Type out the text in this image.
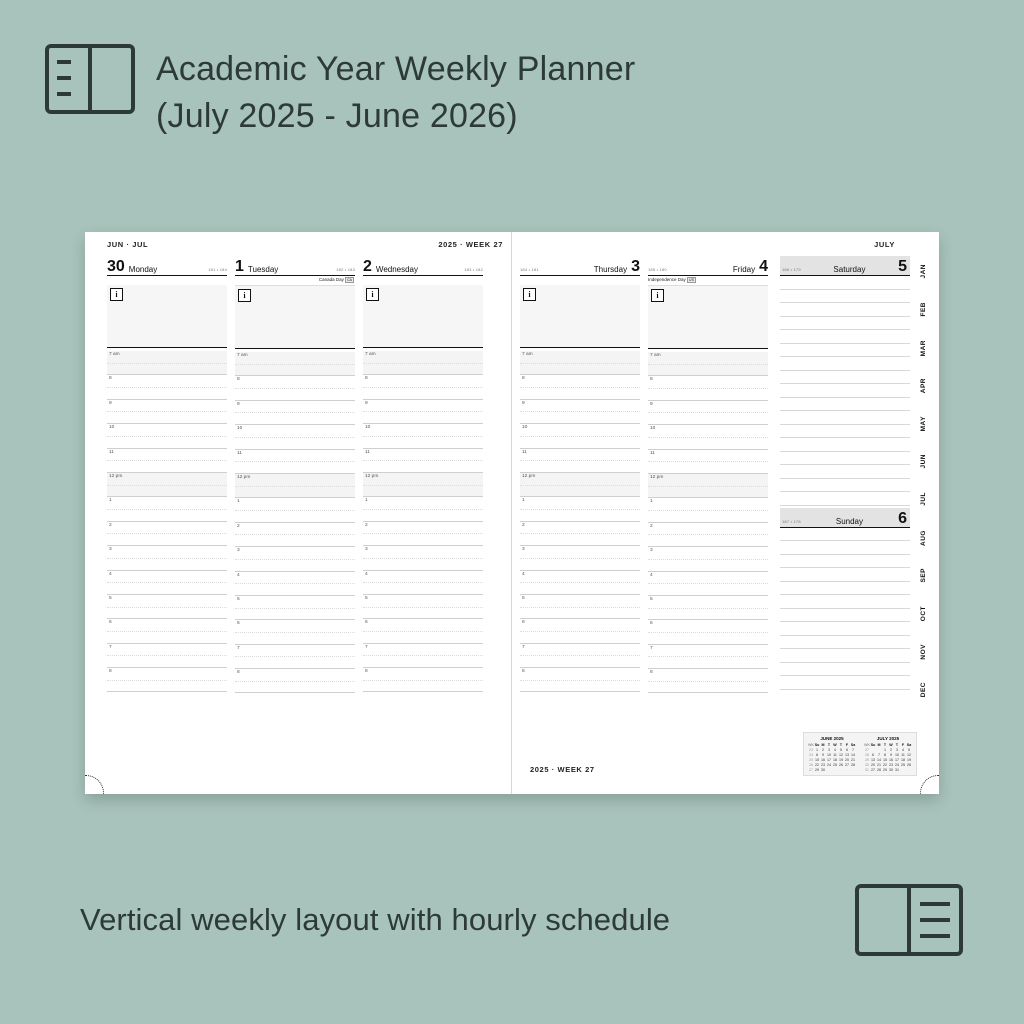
Academic Year Weekly Planner
(July 2025 - June 2026)
JUN · JUL	2025 · WEEK 27
30 Monday	181 • 184
i
7 am
8
9
10
11
12 pm
1
2
3
4
5
6
7
8
1 Tuesday	182 • 183
Canada Day CA
i
7 am
8
9
10
11
12 pm
1
2
3
4
5
6
7
8
2 Wednesday	183 • 182
i
7 am
8
9
10
11
12 pm
1
2
3
4
5
6
7
8
JULY
3
Thursday
184 • 181
i
7 am
8
9
10
11
12 pm
1
2
3
4
5
6
7
8
4
Friday
185 • 180
Independence Day US
i
7 am
8
9
10
11
12 pm
1
2
3
4
5
6
7
8
186 • 179	Saturday	5
187 • 178	Sunday	6
JAN
FEB
MAR
APR
MAY
JUN
JUL
AUG
SEP
OCT
NOV
DEC
JUNE 2025
WK	Su	M	T	W	T	F	Sa
23	1	2	3	4	5	6	7
24	8	9	10	11	12	13	14
25	15	16	17	18	19	20	21
26	22	23	24	25	26	27	28
27	29	30					
JULY 2025
WK	Su	M	T	W	T	F	Sa
27			1	2	3	4	5
28	6	7	8	9	10	11	12
29	13	14	15	16	17	18	19
30	20	21	22	23	24	25	26
31	27	28	29	30	31		
2025 · WEEK 27
Vertical weekly layout with hourly schedule
